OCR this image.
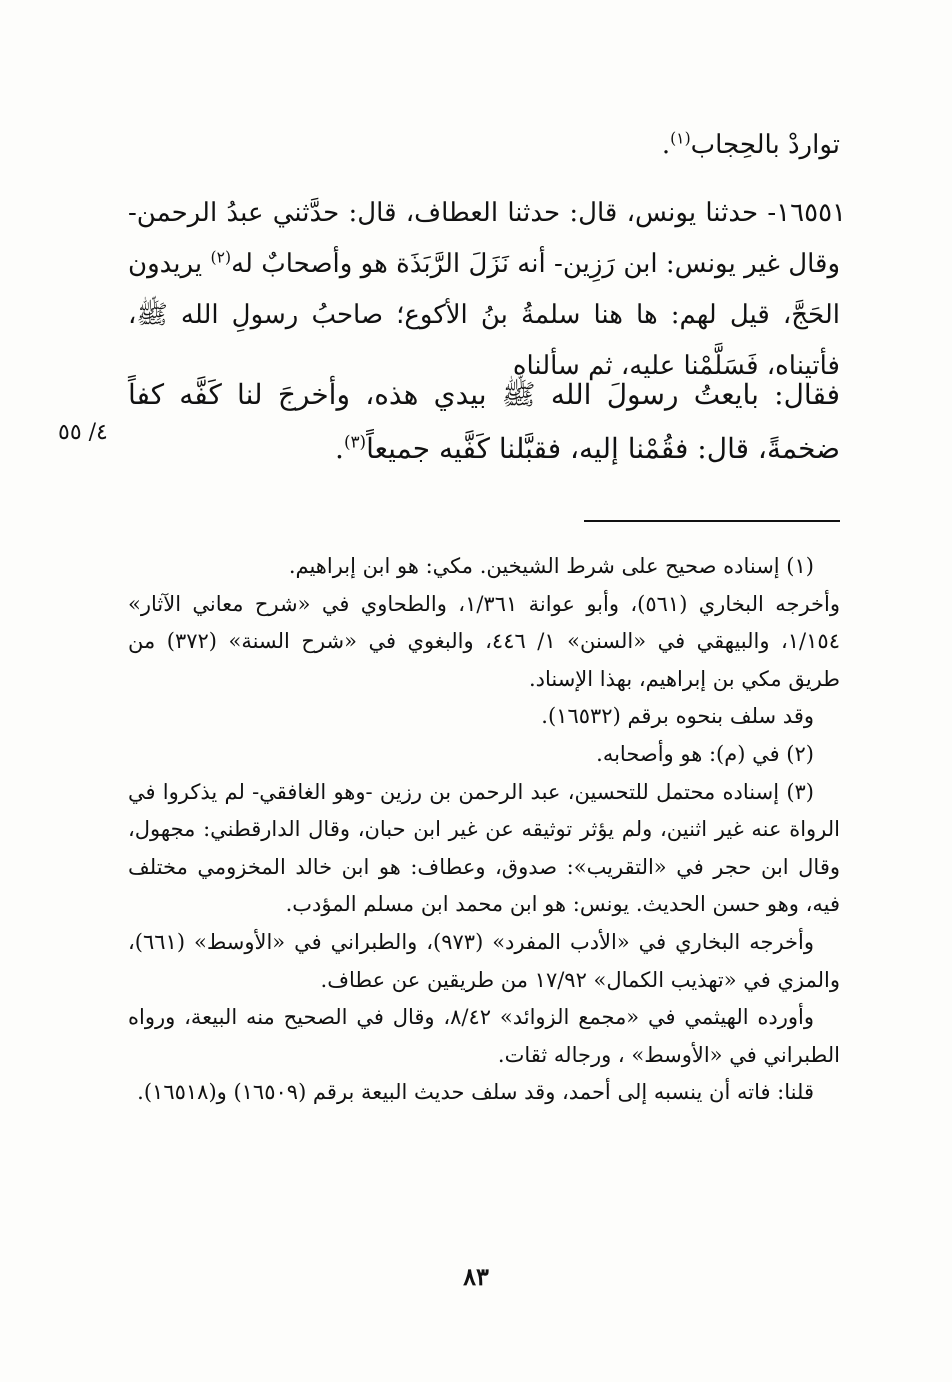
تواردْ بالحِجاب$^{(١)}$.

١٦٥٥١- حدثنا يونس، قال: حدثنا العطاف، قال: حدَّثني عبدُ الرحمن- وقال غير يونس: ابن رَزِين- أنه نَزَلَ الرَّبَذَة هو وأصحابٌ له$^{(٢)}$ يريدون الحَجَّ، قيل لهم: ها هنا سلمةُ بنُ الأكوع؛ صاحبُ رسولِ الله ﷺ، فأتيناه، فَسَلَّمْنا عليه، ثم سألناه

فقال: بايعتُ رسولَ الله ﷺ بيدي هذه، وأخرجَ لنا كَفَّه كفاً ضخمةً، قال: فقُمْنا إليه، فقبَّلنا كَفَّيه جميعاً$^{(٣)}$.

٤/ ٥٥

(١) إسناده صحيح على شرط الشيخين. مكي: هو ابن إبراهيم.

وأخرجه البخاري (٥٦١)، وأبو عوانة ١/٣٦١، والطحاوي في «شرح معاني الآثار» ١/١٥٤، والبيهقي في «السنن» ١/ ٤٤٦، والبغوي في «شرح السنة» (٣٧٢) من طريق مكي بن إبراهيم، بهذا الإسناد.

وقد سلف بنحوه برقم (١٦٥٣٢).

(٢) في (م): هو وأصحابه.

(٣) إسناده محتمل للتحسين، عبد الرحمن بن رزين -وهو الغافقي- لم يذكروا في الرواة عنه غير اثنين، ولم يؤثر توثيقه عن غير ابن حبان، وقال الدارقطني: مجهول، وقال ابن حجر في «التقريب»: صدوق، وعطاف: هو ابن خالد المخزومي مختلف فيه، وهو حسن الحديث. يونس: هو ابن محمد ابن مسلم المؤدب.

وأخرجه البخاري في «الأدب المفرد» (٩٧٣)، والطبراني في «الأوسط» (٦٦١)، والمزي في «تهذيب الكمال» ١٧/٩٢ من طريقين عن عطاف.

وأورده الهيثمي في «مجمع الزوائد» ٨/٤٢، وقال في الصحيح منه البيعة، ورواه الطبراني في «الأوسط» ، ورجاله ثقات.

قلنا: فاته أن ينسبه إلى أحمد، وقد سلف حديث البيعة برقم (١٦٥٠٩) و(١٦٥١٨).

٨٣
